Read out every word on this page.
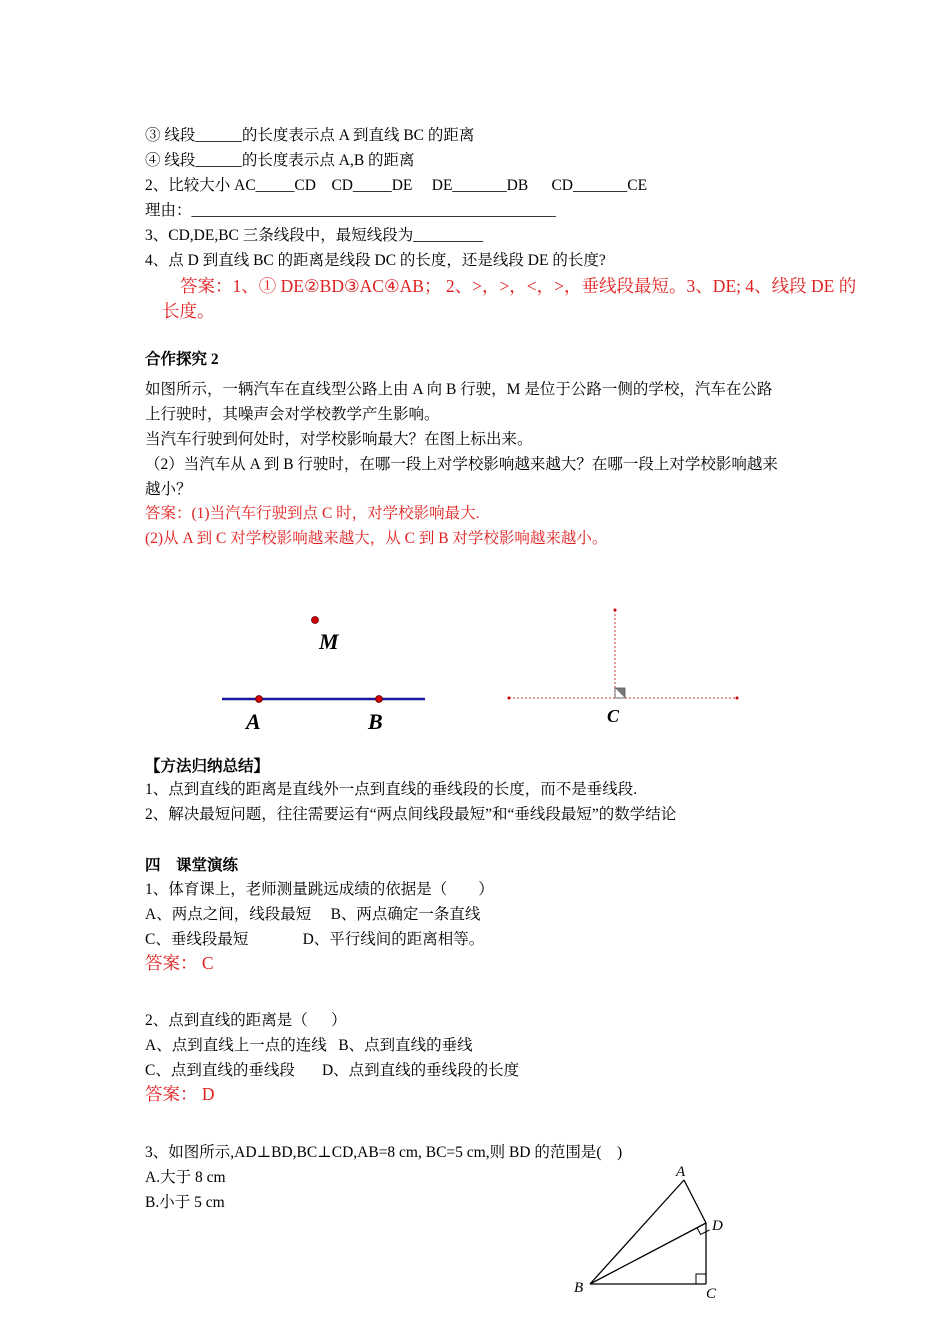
③ 线段______的长度表示点 A 到直线 BC 的距离
④ 线段______的长度表示点 A,B 的距离
2、比较大小 AC_____CD    CD_____DE     DE_______DB      CD_______CE
理由：_______________________________________________
3、CD,DE,BC 三条线段中，最短线段为_________
4、点 D 到直线 BC 的距离是线段 DC 的长度，还是线段 DE 的长度?
答案：1、① DE②BD③AC④AB； 2、>，>，<，>，垂线段最短。3、DE; 4、线段 DE 的
长度。
合作探究 2
如图所示，一辆汽车在直线型公路上由 A 向 B 行驶，M 是位于公路一侧的学校，汽车在公路
上行驶时，其噪声会对学校教学产生影响。
当汽车行驶到何处时，对学校影响最大？在图上标出来。
（2）当汽车从 A 到 B 行驶时，在哪一段上对学校影响越来越大？在哪一段上对学校影响越来
越小？
答案：(1)当汽车行驶到点 C 时，对学校影响最大.
(2)从 A 到 C 对学校影响越来越大，从 C 到 B 对学校影响越来越小。
M
A	B	C
【方法归纳总结】
1、点到直线的距离是直线外一点到直线的垂线段的长度，而不是垂线段.
2、解决最短问题，往往需要运有“两点间线段最短”和“垂线段最短”的数学结论
四    课堂演练
1、体育课上，老师测量跳远成绩的依据是（        ）
A、两点之间，线段最短     B、两点确定一条直线
C、垂线段最短              D、平行线间的距离相等。
答案： C
2、点到直线的距离是（      ）
A、点到直线上一点的连线   B、点到直线的垂线
C、点到直线的垂线段       D、点到直线的垂线段的长度
答案： D
3、如图所示,AD⊥BD,BC⊥CD,AB=8 cm, BC=5 cm,则 BD 的范围是(    )
A.大于 8 cm
B.小于 5 cm
A
D
B	C
